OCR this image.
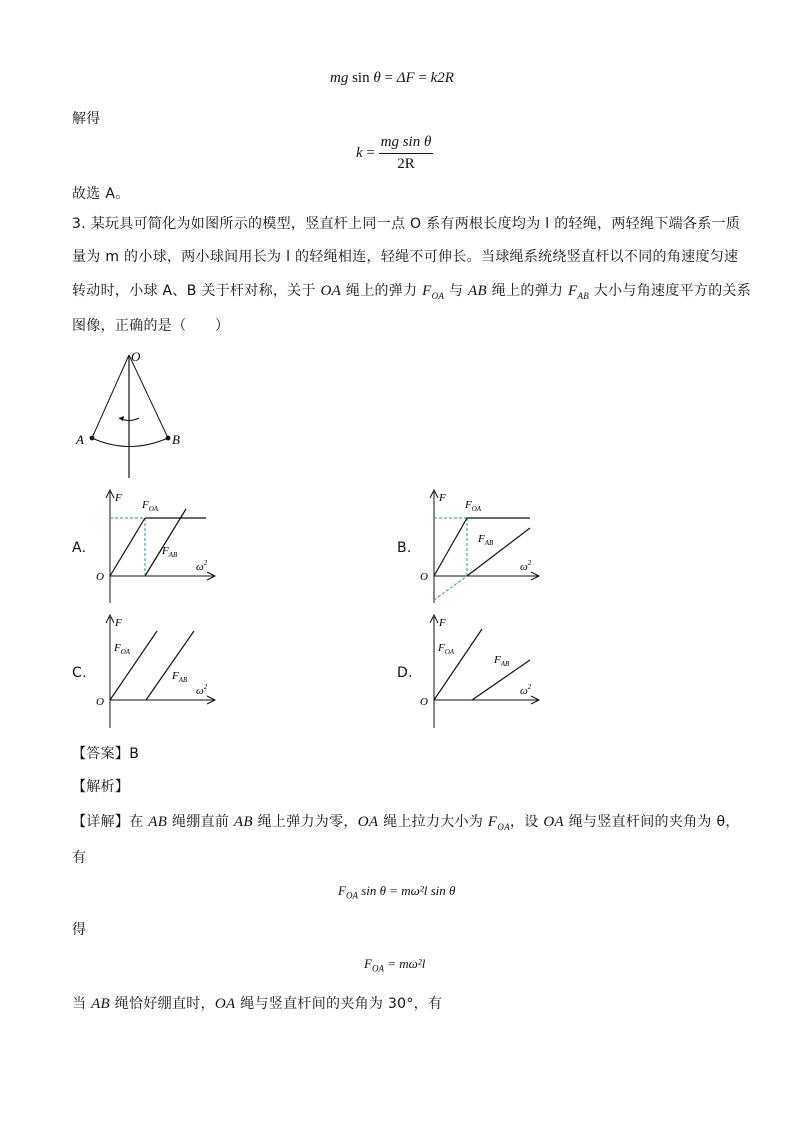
mg sin θ = ΔF = k2R
解得
$k = \frac{\text{mg sin θ}}{2R}$
故选 A。
3. 某玩具可简化为如图所示的模型，竖直杆上同一点 O 系有两根长度均为 l 的轻绳，两轻绳下端各系一质
量为 m 的小球，两小球间用长为 l 的轻绳相连，轻绳不可伸长。当球绳系统绕竖直杆以不同的角速度匀速
转动时，小球 A、B 关于杆对称，关于 OA 绳上的弹力 $F_{OA}$ 与 AB 绳上的弹力 $F_{AB}$ 大小与角速度平方的关系
图像，正确的是（　　）
O
A	B
A.
F
$F_{OA}$
$F_{AB}$
O
$\omega^2$
B.
F
$F_{OA}$
$F_{AB}$
O
$\omega^2$
C.
F
$F_{OA}$
$F_{AB}$
O
$\omega^2$
D.
F
$F_{OA}$
$F_{AB}$
O
$\omega^2$
【答案】B
【解析】
【详解】在 AB 绳绷直前 AB 绳上弹力为零，OA 绳上拉力大小为 $F_{OA}$，设 OA 绳与竖直杆间的夹角为 θ，
有
$F_{OA}$ sin θ = mω²l sin θ
得
$F_{OA} = m\omega^2l$
当 AB 绳恰好绷直时，OA 绳与竖直杆间的夹角为 30°，有
